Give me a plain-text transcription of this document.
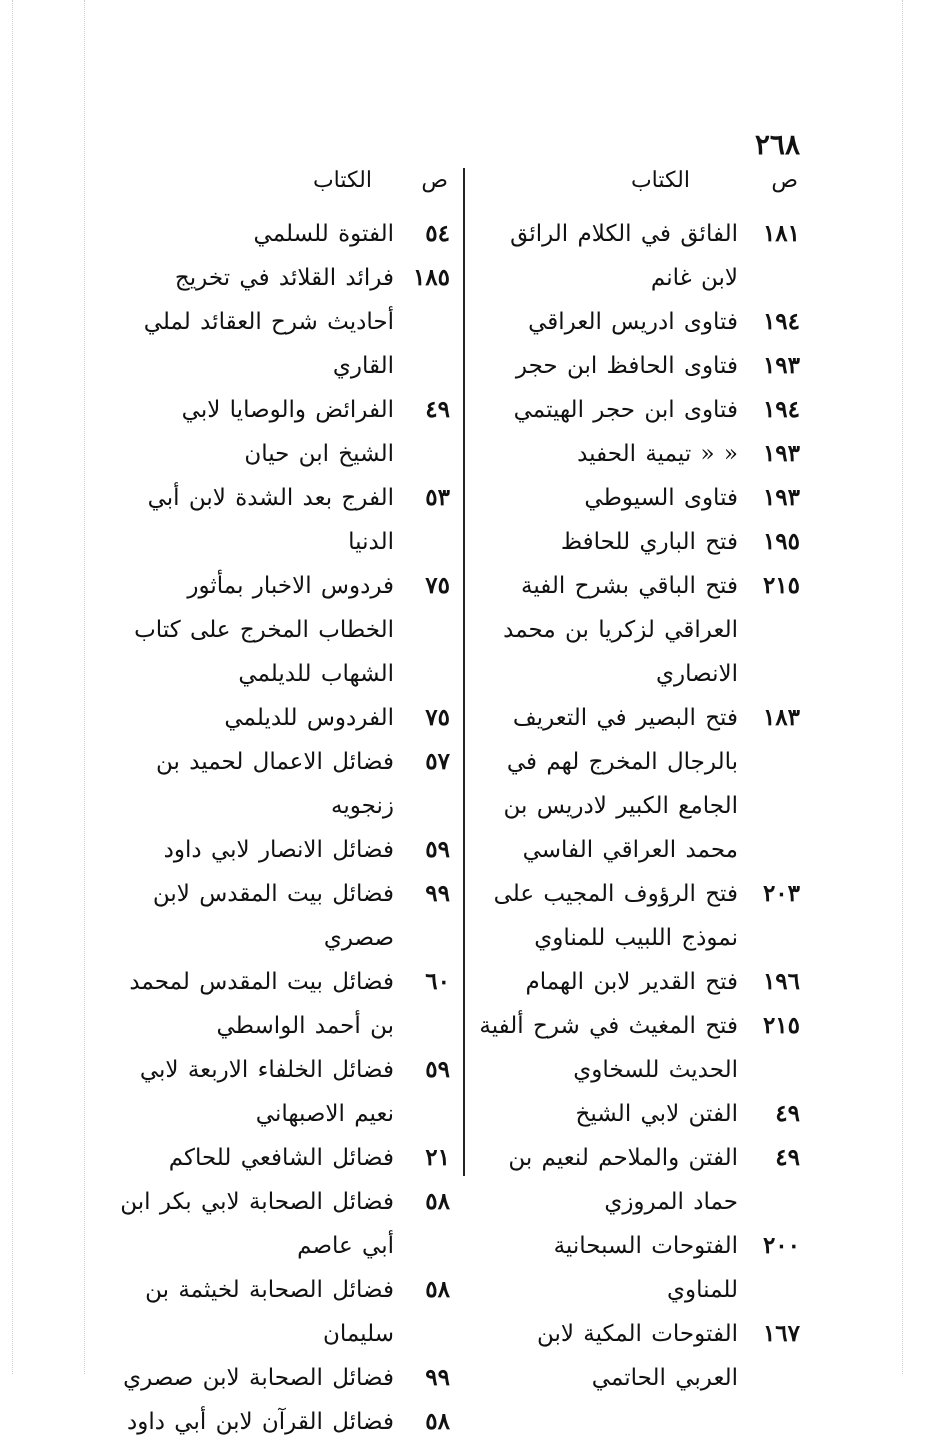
٢٦٨
ص
الكتاب
١٨١
الفائق في الكلام الرائق لابن غانم
١٩٤
فتاوى ادريس العراقي
١٩٣
فتاوى الحافظ ابن حجر
١٩٤
فتاوى ابن حجر الهيتمي
١٩٣
« « تيمية الحفيد
١٩٣
فتاوى السيوطي
١٩٥
فتح الباري للحافظ
٢١٥
فتح الباقي بشرح الفية العراقي لزكريا بن محمد الانصاري
١٨٣
فتح البصير في التعريف بالرجال المخرج لهم في الجامع الكبير لادريس بن محمد العراقي الفاسي
٢٠٣
فتح الرؤوف المجيب على نموذج اللبيب للمناوي
١٩٦
فتح القدير لابن الهمام
٢١٥
فتح المغيث في شرح ألفية الحديث للسخاوي
٤٩
الفتن لابي الشيخ
٤٩
الفتن والملاحم لنعيم بن حماد المروزي
٢٠٠
الفتوحات السبحانية للمناوي
١٦٧
الفتوحات المكية لابن العربي الحاتمي
ص
الكتاب
٥٤
الفتوة للسلمي
١٨٥
فرائد القلائد في تخريج أحاديث شرح العقائد لملي القاري
٤٩
الفرائض والوصايا لابي الشيخ ابن حيان
٥٣
الفرج بعد الشدة لابن أبي الدنيا
٧٥
فردوس الاخبار بمأثور الخطاب المخرج على كتاب الشهاب للديلمي
٧٥
الفردوس للديلمي
٥٧
فضائل الاعمال لحميد بن زنجويه
٥٩
فضائل الانصار لابي داود
٩٩
فضائل بيت المقدس لابن صصري
٦٠
فضائل بيت المقدس لمحمد بن أحمد الواسطي
٥٩
فضائل الخلفاء الاربعة لابي نعيم الاصبهاني
٢١
فضائل الشافعي للحاكم
٥٨
فضائل الصحابة لابي بكر ابن أبي عاصم
٥٨
فضائل الصحابة لخيثمة بن سليمان
٩٩
فضائل الصحابة لابن صصري
٥٨
فضائل القرآن لابن أبي داود
